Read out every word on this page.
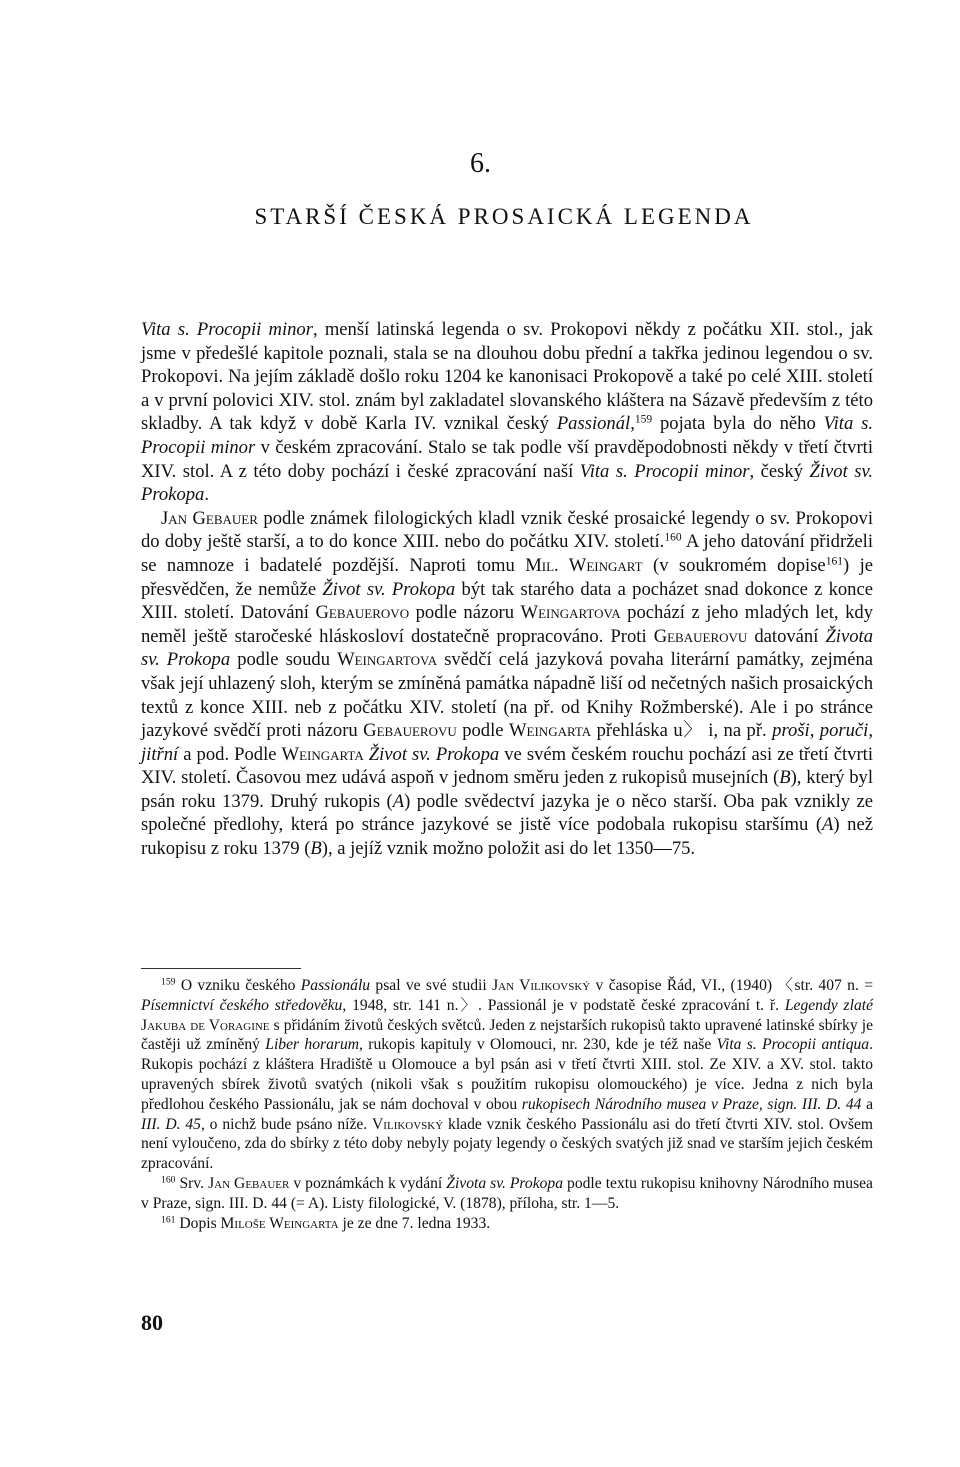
6.
STARŠÍ ČESKÁ PROSAICKÁ LEGENDA

Vita s. Procopii minor, menší latinská legenda o sv. Prokopovi někdy z počátku XII. stol., jak jsme v předešlé kapitole poznali, stala se na dlouhou dobu přední a takřka jedinou legendou o sv. Prokopovi. Na jejím základě došlo roku 1204 ke kanonisaci Prokopově a také po celé XIII. století a v první polovici XIV. stol. znám byl zakladatel slovanského kláštera na Sázavě především z této skladby. A tak když v době Karla IV. vznikal český Passionál,$^{159}$ pojata byla do něho Vita s. Procopii minor v českém zpracování. Stalo se tak podle vší pravděpodobnosti někdy v třetí čtvrti XIV. stol. A z této doby pochází i české zpracování naší Vita s. Procopii minor, český Život sv. Prokopa.

Jan Gebauer podle známek filologických kladl vznik české prosaické legendy o sv. Prokopovi do doby ještě starší, a to do konce XIII. nebo do počátku XIV. století.$^{160}$ A jeho datování přidrželi se namnoze i badatelé pozdější. Naproti tomu Mil. Weingart (v soukromém dopise$^{161}$) je přesvědčen, že nemůže Život sv. Prokopa být tak starého data a pocházet snad dokonce z konce XIII. století. Datování Gebauerovo podle názoru Weingartova pochází z jeho mladých let, kdy neměl ještě staročeské hláskosloví dostatečně propracováno. Proti Gebauerovu datování Života sv. Prokopa podle soudu Weingartova svědčí celá jazyková povaha literární památky, zejména však její uhlazený sloh, kterým se zmíněná památka nápadně liší od nečetných našich prosaických textů z konce XIII. neb z počátku XIV. století (na př. od Knihy Rožmberské). Ale i po stránce jazykové svědčí proti názoru Gebauerovu podle Weingarta přehláska u〉 i, na př. proši, poruči, jitřní a pod. Podle Weingarta Život sv. Prokopa ve svém českém rouchu pochází asi ze třetí čtvrti XIV. století. Časovou mez udává aspoň v jednom směru jeden z rukopisů musejních (B), který byl psán roku 1379. Druhý rukopis (A) podle svědectví jazyka je o něco starší. Oba pak vznikly ze společné předlohy, která po stránce jazykové se jistě více podobala rukopisu staršímu (A) než rukopisu z roku 1379 (B), a jejíž vznik možno položit asi do let 1350—75.

$^{159}$ O vzniku českého Passionálu psal ve své studii Jan Vilikovský v časopise Řád, VI., (1940) 〈str. 407 n. = Písemnictví českého středověku, 1948, str. 141 n.〉. Passionál je v podstatě české zpracování t. ř. Legendy zlaté Jakuba de Voragine s přidáním životů českých světců. Jeden z nejstarších rukopisů takto upravené latinské sbírky je častěji už zmíněný Liber horarum, rukopis kapituly v Olomouci, nr. 230, kde je též naše Vita s. Procopii antiqua. Rukopis pochází z kláštera Hradiště u Olomouce a byl psán asi v třetí čtvrti XIII. stol. Ze XIV. a XV. stol. takto upravených sbírek životů svatých (nikoli však s použitím rukopisu olomouckého) je více. Jedna z nich byla předlohou českého Passionálu, jak se nám dochoval v obou rukopisech Národního musea v Praze, sign. III. D. 44 a III. D. 45, o nichž bude psáno níže. Vilikovský klade vznik českého Passionálu asi do třetí čtvrti XIV. stol. Ovšem není vyloučeno, zda do sbírky z této doby nebyly pojaty legendy o českých svatých již snad ve starším jejich českém zpracování.

$^{160}$ Srv. Jan Gebauer v poznámkách k vydání Života sv. Prokopa podle textu rukopisu knihovny Národního musea v Praze, sign. III. D. 44 (= A). Listy filologické, V. (1878), příloha, str. 1—5.

$^{161}$ Dopis Miloše Weingarta je ze dne 7. ledna 1933.

80
